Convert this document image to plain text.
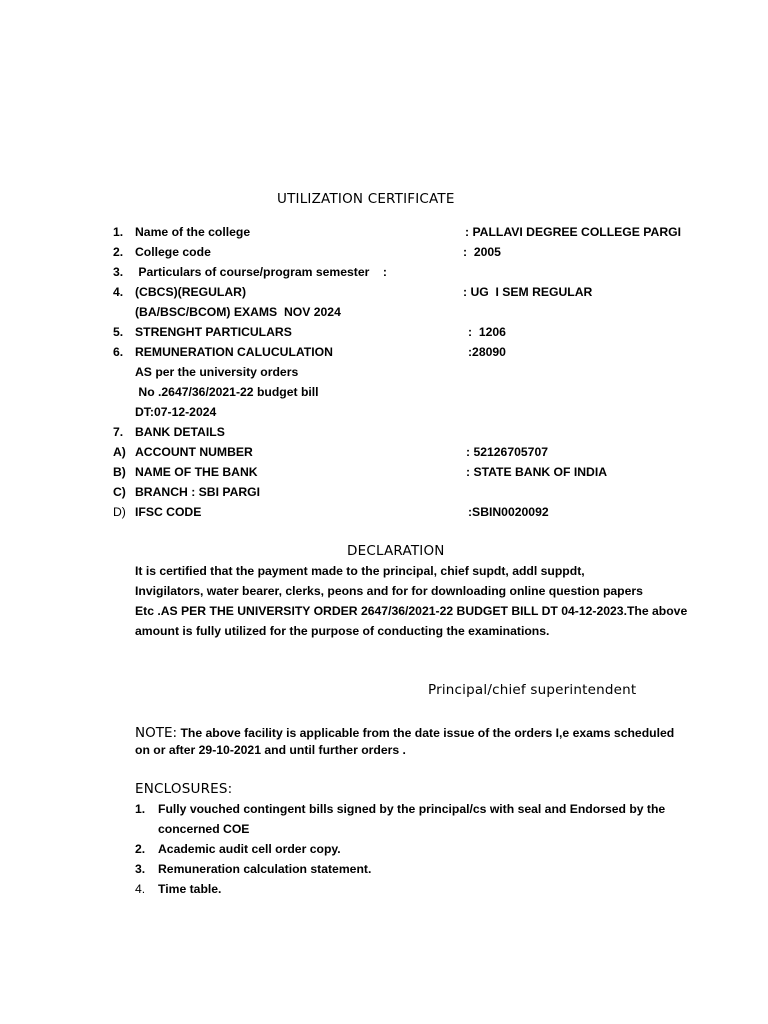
UTILIZATION CERTIFICATE
1. Name of the college	: PALLAVI DEGREE COLLEGE PARGI
2. College code	:  2005
3. Particulars of course/program semester    :
4. (CBCS)(REGULAR)	: UG  I SEM REGULAR
(BA/BSC/BCOM) EXAMS  NOV 2024
5. STRENGHT PARTICULARS	:  1206
6. REMUNERATION CALUCULATION	:28090
AS per the university orders
No .2647/36/2021-22 budget bill
DT:07-12-2024
7. BANK DETAILS
A) ACCOUNT NUMBER	: 52126705707
B) NAME OF THE BANK	: STATE BANK OF INDIA
C) BRANCH : SBI PARGI
D) IFSC CODE	:SBIN0020092
DECLARATION
It is certified that the payment made to the principal, chief supdt, addl suppdt,
Invigilators, water bearer, clerks, peons and for for downloading online question papers
Etc .AS PER THE UNIVERSITY ORDER 2647/36/2021-22 BUDGET BILL DT 04-12-2023.The above
amount is fully utilized for the purpose of conducting the examinations.
Principal/chief superintendent
NOTE: The above facility is applicable from the date issue of the orders I,e exams scheduled
on or after 29-10-2021 and until further orders .
ENCLOSURES:
1. Fully vouched contingent bills signed by the principal/cs with seal and Endorsed by the
concerned COE
2. Academic audit cell order copy.
3. Remuneration calculation statement.
4. Time table.
